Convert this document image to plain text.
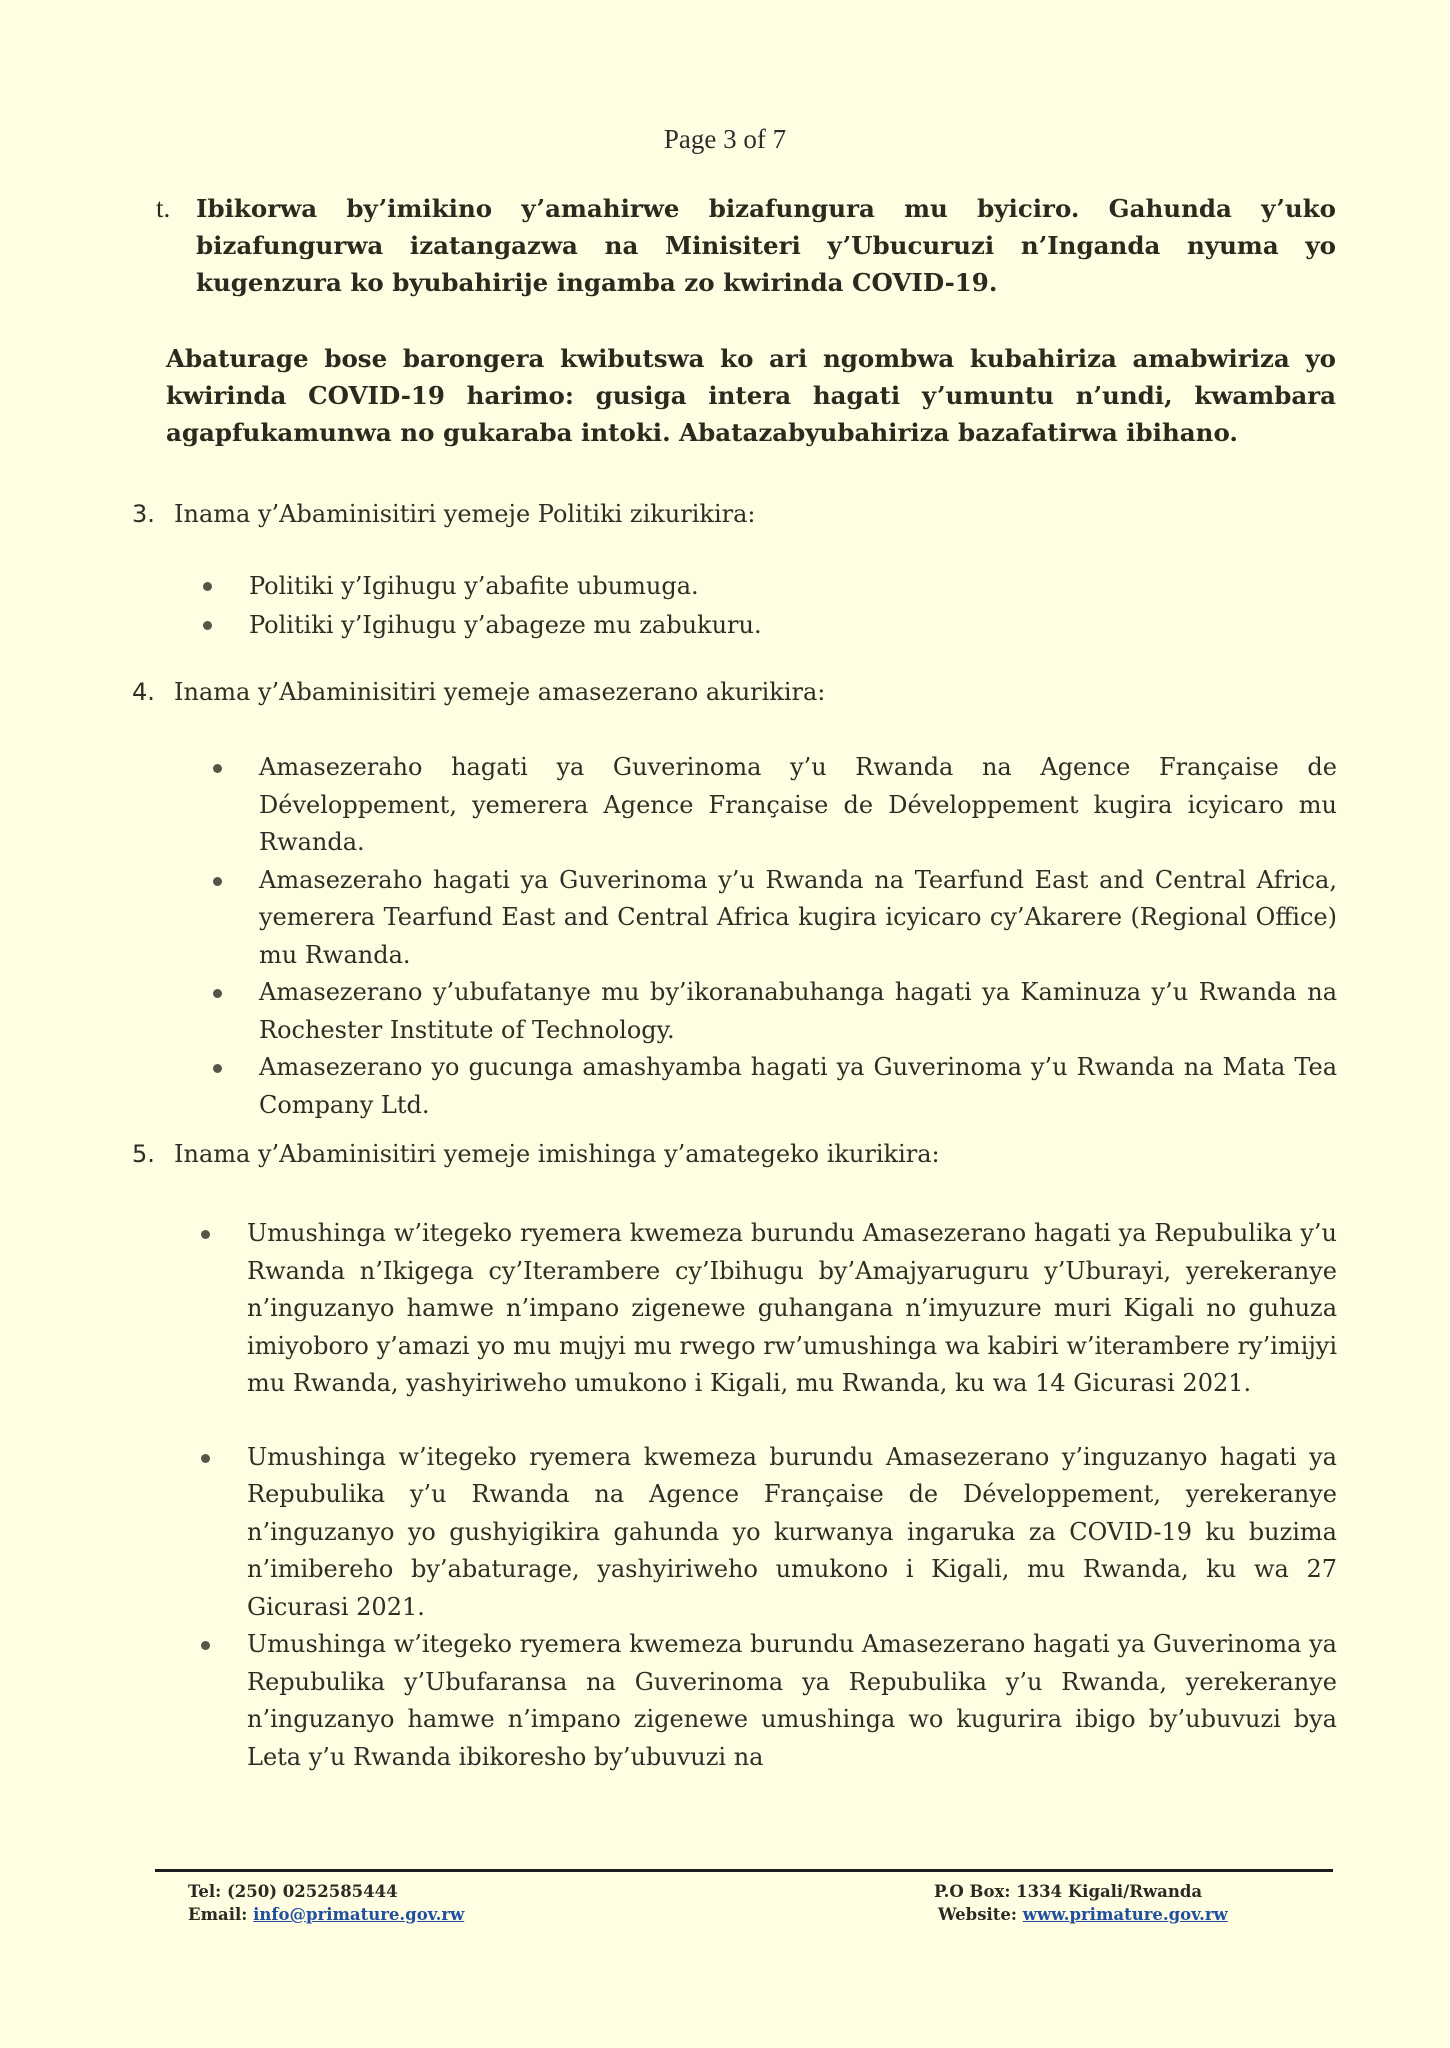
Page 3 of 7
t. Ibikorwa by’imikino y’amahirwe bizafungura mu byiciro. Gahunda y’uko bizafungurwa izatangazwa na Minisiteri y’Ubucuruzi n’Inganda nyuma yo kugenzura ko byubahirije ingamba zo kwirinda COVID-19.
Abaturage bose barongera kwibutswa ko ari ngombwa kubahiriza amabwiriza yo kwirinda COVID-19 harimo: gusiga intera hagati y’umuntu n’undi, kwambara agapfukamunwa no gukaraba intoki. Abatazabyubahiriza bazafatirwa ibihano.
3. Inama y’Abaminisitiri yemeje Politiki zikurikira:
Politiki y’Igihugu y’abafite ubumuga.
Politiki y’Igihugu y’abageze mu zabukuru.
4. Inama y’Abaminisitiri yemeje amasezerano akurikira:
Amasezeraho hagati ya Guverinoma y’u Rwanda na Agence Française de Développement, yemerera Agence Française de Développement kugira icyicaro mu Rwanda.
Amasezeraho hagati ya Guverinoma y’u Rwanda na Tearfund East and Central Africa, yemerera Tearfund East and Central Africa kugira icyicaro cy’Akarere (Regional Office) mu Rwanda.
Amasezerano y’ubufatanye mu by’ikoranabuhanga hagati ya Kaminuza y’u Rwanda na Rochester Institute of Technology.
Amasezerano yo gucunga amashyamba hagati ya Guverinoma y’u Rwanda na Mata Tea Company Ltd.
5. Inama y’Abaminisitiri yemeje imishinga y’amategeko ikurikira:
Umushinga w’itegeko ryemera kwemeza burundu Amasezerano hagati ya Repubulika y’u Rwanda n’Ikigega cy’Iterambere cy’Ibihugu by’Amajyaruguru y’Uburayi, yerekeranye n’inguzanyo hamwe n’impano zigenewe guhangana n’imyuzure muri Kigali no guhuza imiyoboro y’amazi yo mu mujyi mu rwego rw’umushinga wa kabiri w’iterambere ry’imijyi mu Rwanda, yashyiriweho umukono i Kigali, mu Rwanda, ku wa 14 Gicurasi 2021.
Umushinga w’itegeko ryemera kwemeza burundu Amasezerano y’inguzanyo hagati ya Repubulika y’u Rwanda na Agence Française de Développement, yerekeranye n’inguzanyo yo gushyigikira gahunda yo kurwanya ingaruka za COVID-19 ku buzima n’imibereho by’abaturage, yashyiriweho umukono i Kigali, mu Rwanda, ku wa 27 Gicurasi 2021.
Umushinga w’itegeko ryemera kwemeza burundu Amasezerano hagati ya Guverinoma ya Repubulika y’Ubufaransa na Guverinoma ya Repubulika y’u Rwanda, yerekeranye n’inguzanyo hamwe n’impano zigenewe umushinga wo kugurira ibigo by’ubuvuzi bya Leta y’u Rwanda ibikoresho by’ubuvuzi na
Tel: (250) 0252585444
Email: info@primature.gov.rw
P.O Box: 1334 Kigali/Rwanda
Website: www.primature.gov.rw
